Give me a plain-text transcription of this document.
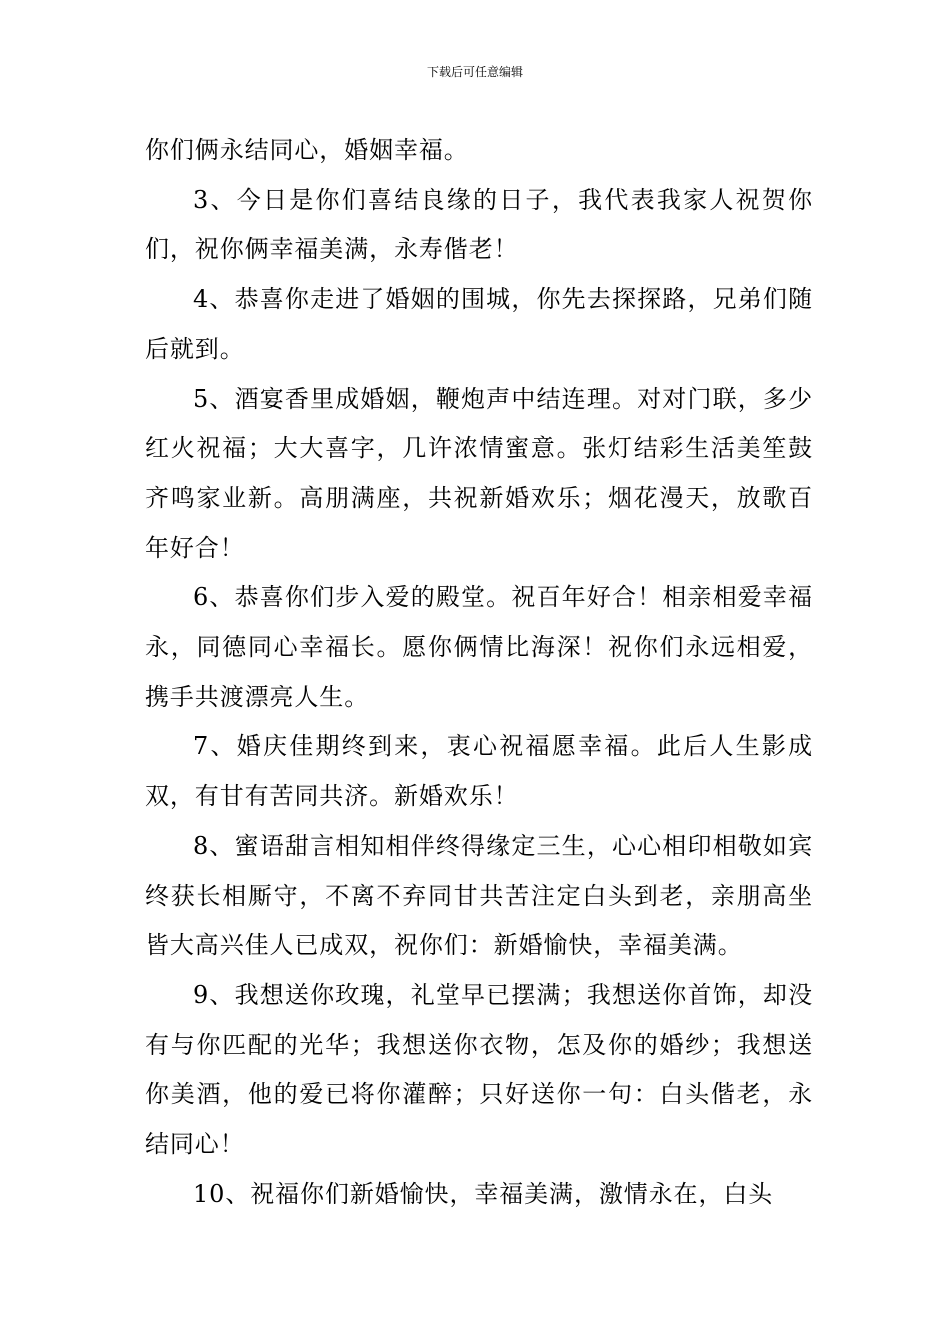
下载后可任意编辑

你们俩永结同心，婚姻幸福。

3、今日是你们喜结良缘的日子，我代表我家人祝贺你们，祝你俩幸福美满，永寿偕老！

4、恭喜你走进了婚姻的围城，你先去探探路，兄弟们随后就到。

5、酒宴香里成婚姻，鞭炮声中结连理。对对门联，多少红火祝福；大大喜字，几许浓情蜜意。张灯结彩生活美笙鼓齐鸣家业新。高朋满座，共祝新婚欢乐；烟花漫天，放歌百年好合！

6、恭喜你们步入爱的殿堂。祝百年好合！相亲相爱幸福永，同德同心幸福长。愿你俩情比海深！祝你们永远相爱，携手共渡漂亮人生。

7、婚庆佳期终到来，衷心祝福愿幸福。此后人生影成双，有甘有苦同共济。新婚欢乐！

8、蜜语甜言相知相伴终得缘定三生，心心相印相敬如宾终获长相厮守，不离不弃同甘共苦注定白头到老，亲朋高坐皆大高兴佳人已成双，祝你们：新婚愉快，幸福美满。

9、我想送你玫瑰，礼堂早已摆满；我想送你首饰，却没有与你匹配的光华；我想送你衣物，怎及你的婚纱；我想送你美酒，他的爱已将你灌醉；只好送你一句：白头偕老，永结同心！

10、祝福你们新婚愉快，幸福美满，激情永在，白头
